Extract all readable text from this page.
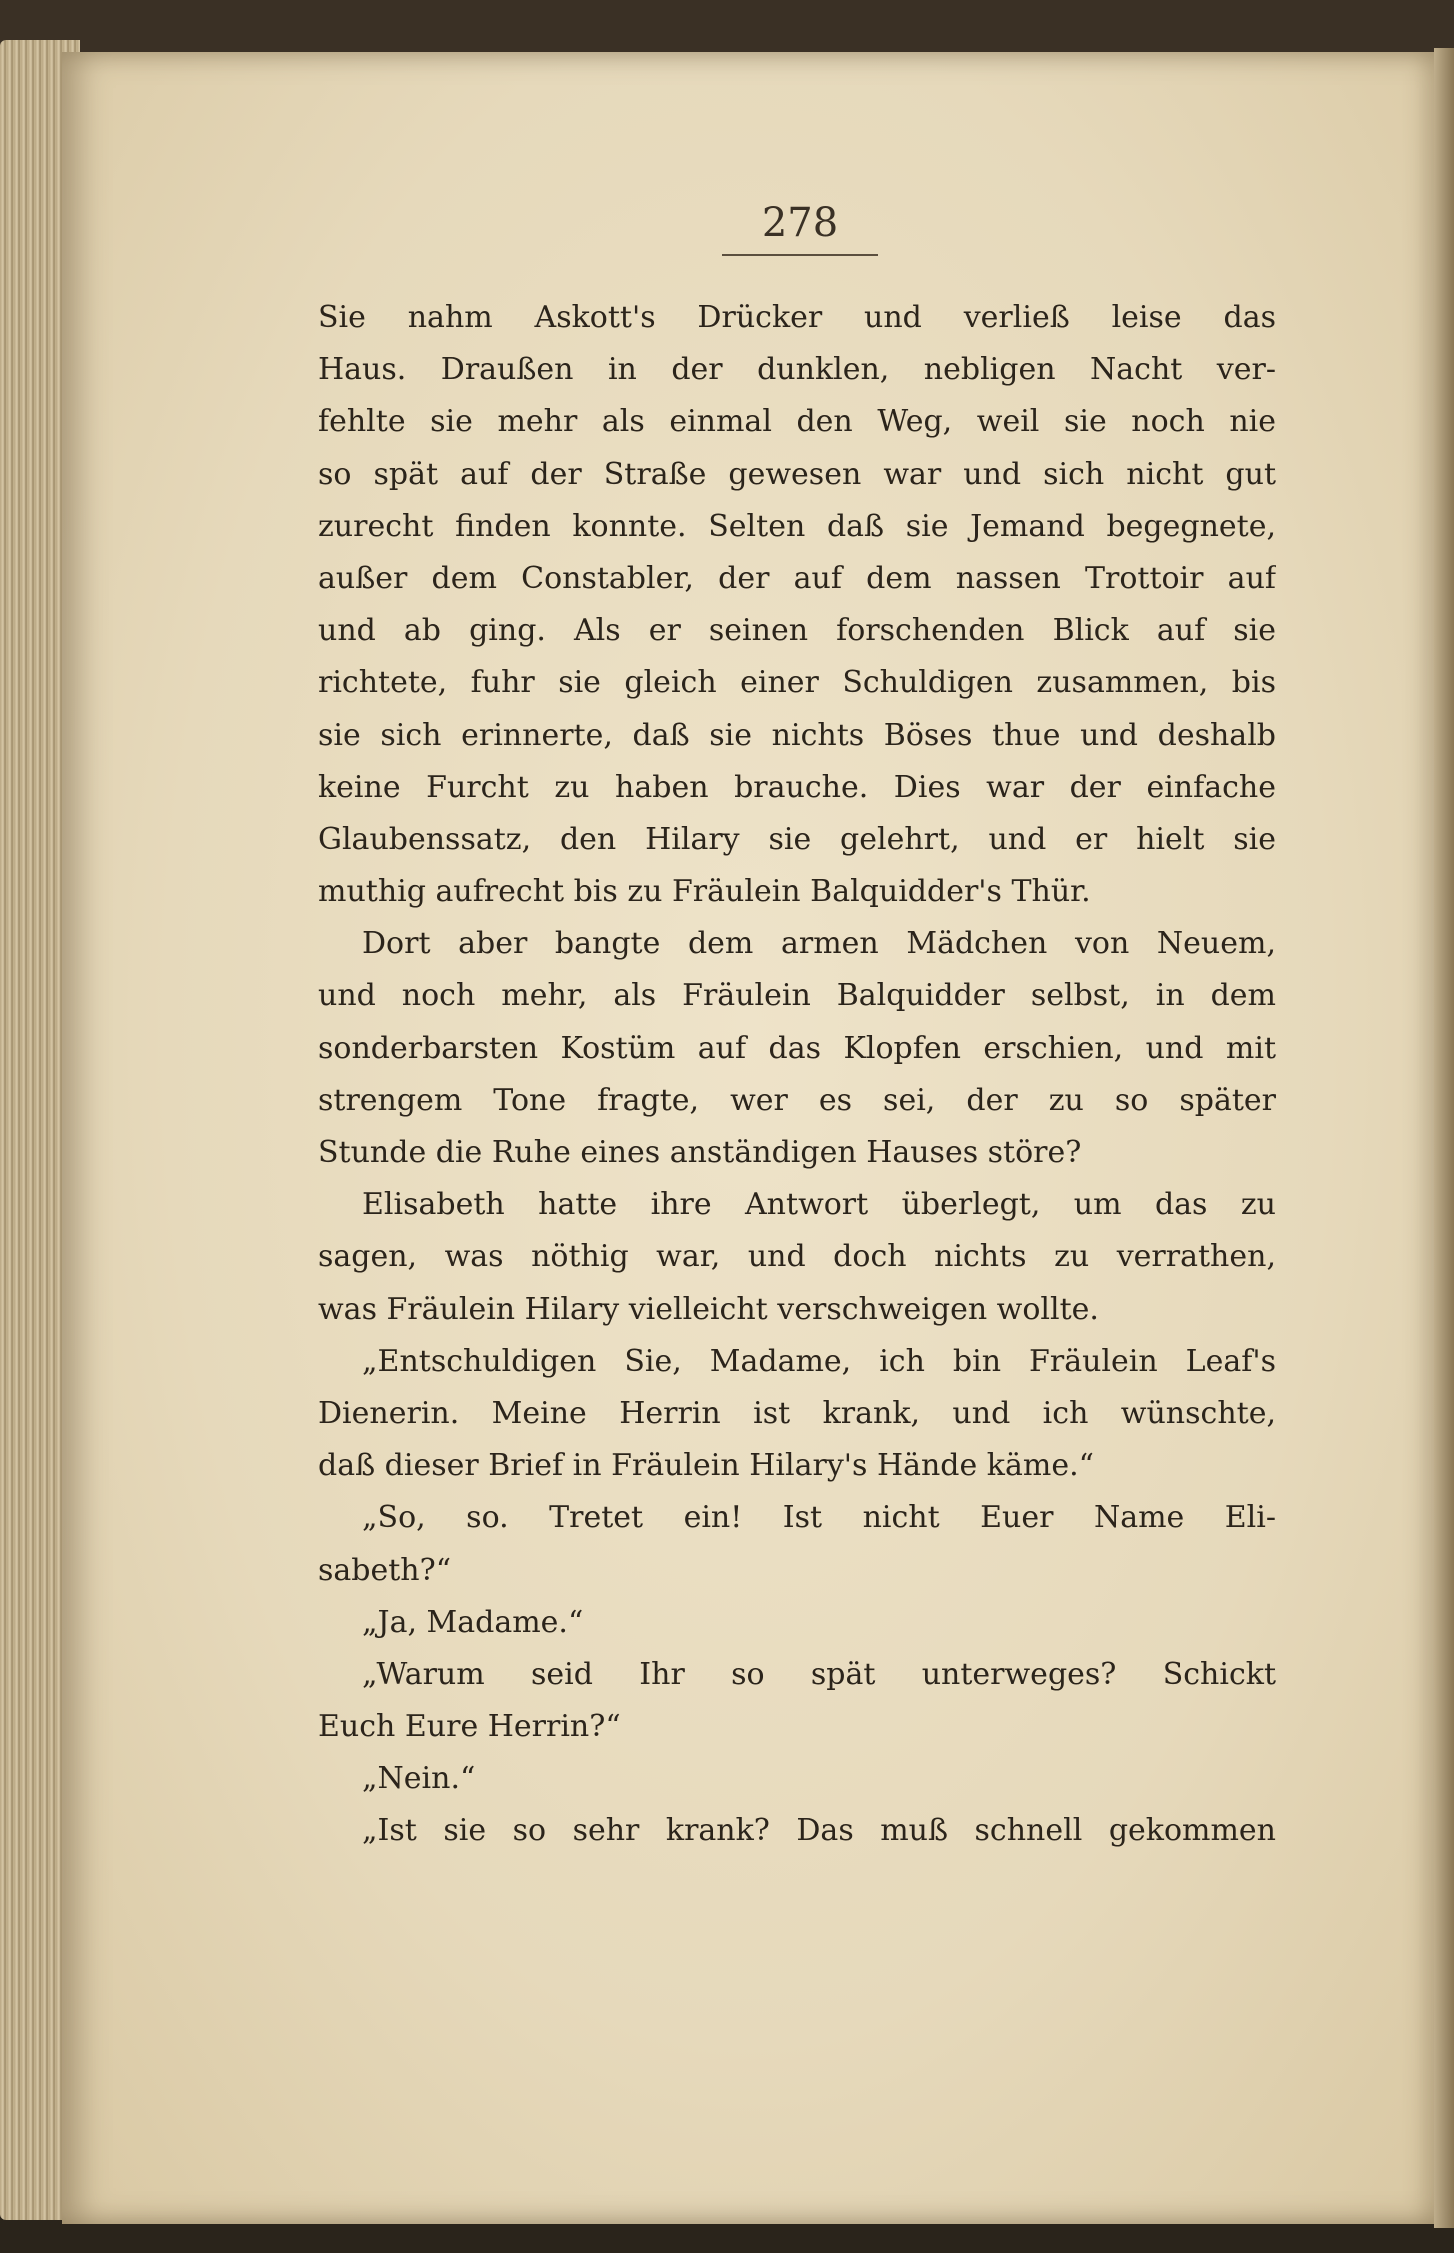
278
Sie nahm Askott's Drücker und verließ leise das
Haus. Draußen in der dunklen, nebligen Nacht ver-
fehlte sie mehr als einmal den Weg, weil sie noch nie
so spät auf der Straße gewesen war und sich nicht gut
zurecht finden konnte. Selten daß sie Jemand begegnete,
außer dem Constabler, der auf dem nassen Trottoir auf
und ab ging. Als er seinen forschenden Blick auf sie
richtete, fuhr sie gleich einer Schuldigen zusammen, bis
sie sich erinnerte, daß sie nichts Böses thue und deshalb
keine Furcht zu haben brauche. Dies war der einfache
Glaubenssatz, den Hilary sie gelehrt, und er hielt sie
muthig aufrecht bis zu Fräulein Balquidder's Thür.
Dort aber bangte dem armen Mädchen von Neuem,
und noch mehr, als Fräulein Balquidder selbst, in dem
sonderbarsten Kostüm auf das Klopfen erschien, und mit
strengem Tone fragte, wer es sei, der zu so später
Stunde die Ruhe eines anständigen Hauses störe?
Elisabeth hatte ihre Antwort überlegt, um das zu
sagen, was nöthig war, und doch nichts zu verrathen,
was Fräulein Hilary vielleicht verschweigen wollte.
„Entschuldigen Sie, Madame, ich bin Fräulein Leaf's
Dienerin. Meine Herrin ist krank, und ich wünschte,
daß dieser Brief in Fräulein Hilary's Hände käme.“
„So, so. Tretet ein! Ist nicht Euer Name Eli-
sabeth?“
„Ja, Madame.“
„Warum seid Ihr so spät unterweges? Schickt
Euch Eure Herrin?“
„Nein.“
„Ist sie so sehr krank? Das muß schnell gekommen
